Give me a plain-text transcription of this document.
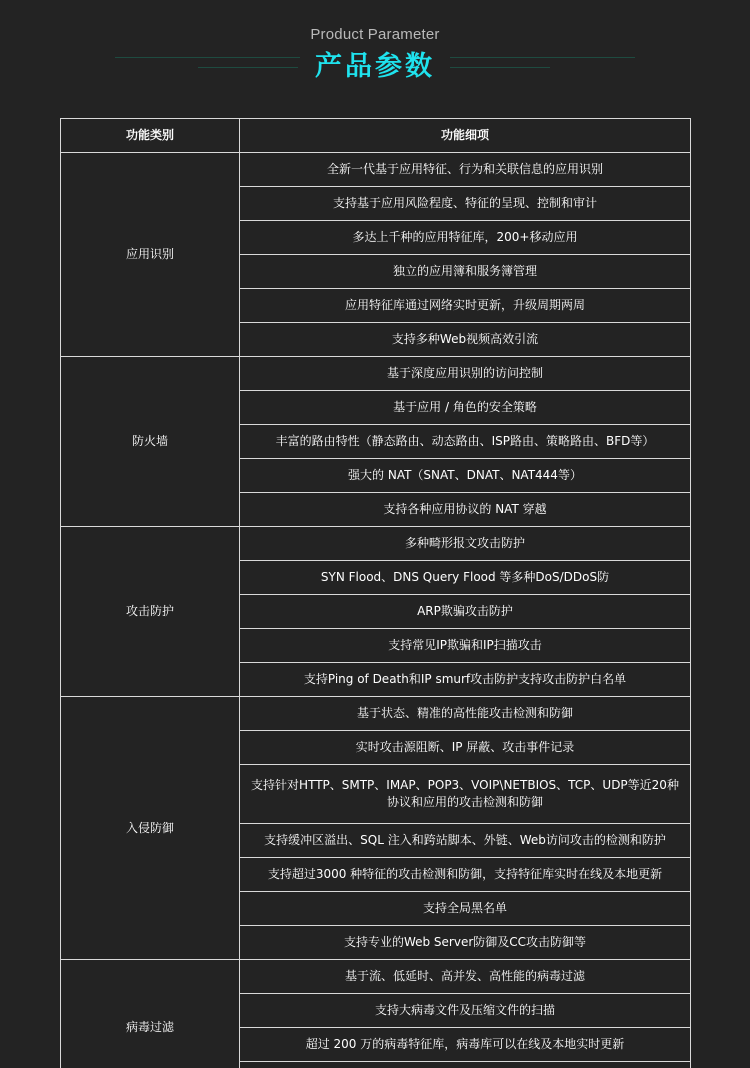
Product Parameter
产品参数
功能类别	功能细项
应用识别	全新一代基于应用特征、行为和关联信息的应用识别
	支持基于应用风险程度、特征的呈现、控制和审计
	多达上千种的应用特征库，200+移动应用
	独立的应用簿和服务簿管理
	应用特征库通过网络实时更新，升级周期两周
	支持多种Web视频高效引流
防火墙	基于深度应用识别的访问控制
	基于应用 / 角色的安全策略
	丰富的路由特性（静态路由、动态路由、ISP路由、策略路由、BFD等）
	强大的 NAT（SNAT、DNAT、NAT444等）
	支持各种应用协议的 NAT 穿越
攻击防护	多种畸形报文攻击防护
	SYN Flood、DNS Query Flood 等多种DoS/DDoS防
	ARP欺骗攻击防护
	支持常见IP欺骗和IP扫描攻击
	支持Ping of Death和IP smurf攻击防护支持攻击防护白名单
入侵防御	基于状态、精准的高性能攻击检测和防御
	实时攻击源阻断、IP 屏蔽、攻击事件记录
	支持针对HTTP、SMTP、IMAP、POP3、VOIP\NETBIOS、TCP、UDP等近20种协议和应用的攻击检测和防御
	支持缓冲区溢出、SQL 注入和跨站脚本、外链、Web访问攻击的检测和防护
	支持超过3000 种特征的攻击检测和防御，支持特征库实时在线及本地更新
	支持全局黑名单
	支持专业的Web Server防御及CC攻击防御等
病毒过滤	基于流、低延时、高并发、高性能的病毒过滤
	支持大病毒文件及压缩文件的扫描
	超过 200 万的病毒特征库，病毒库可以在线及本地实时更新
